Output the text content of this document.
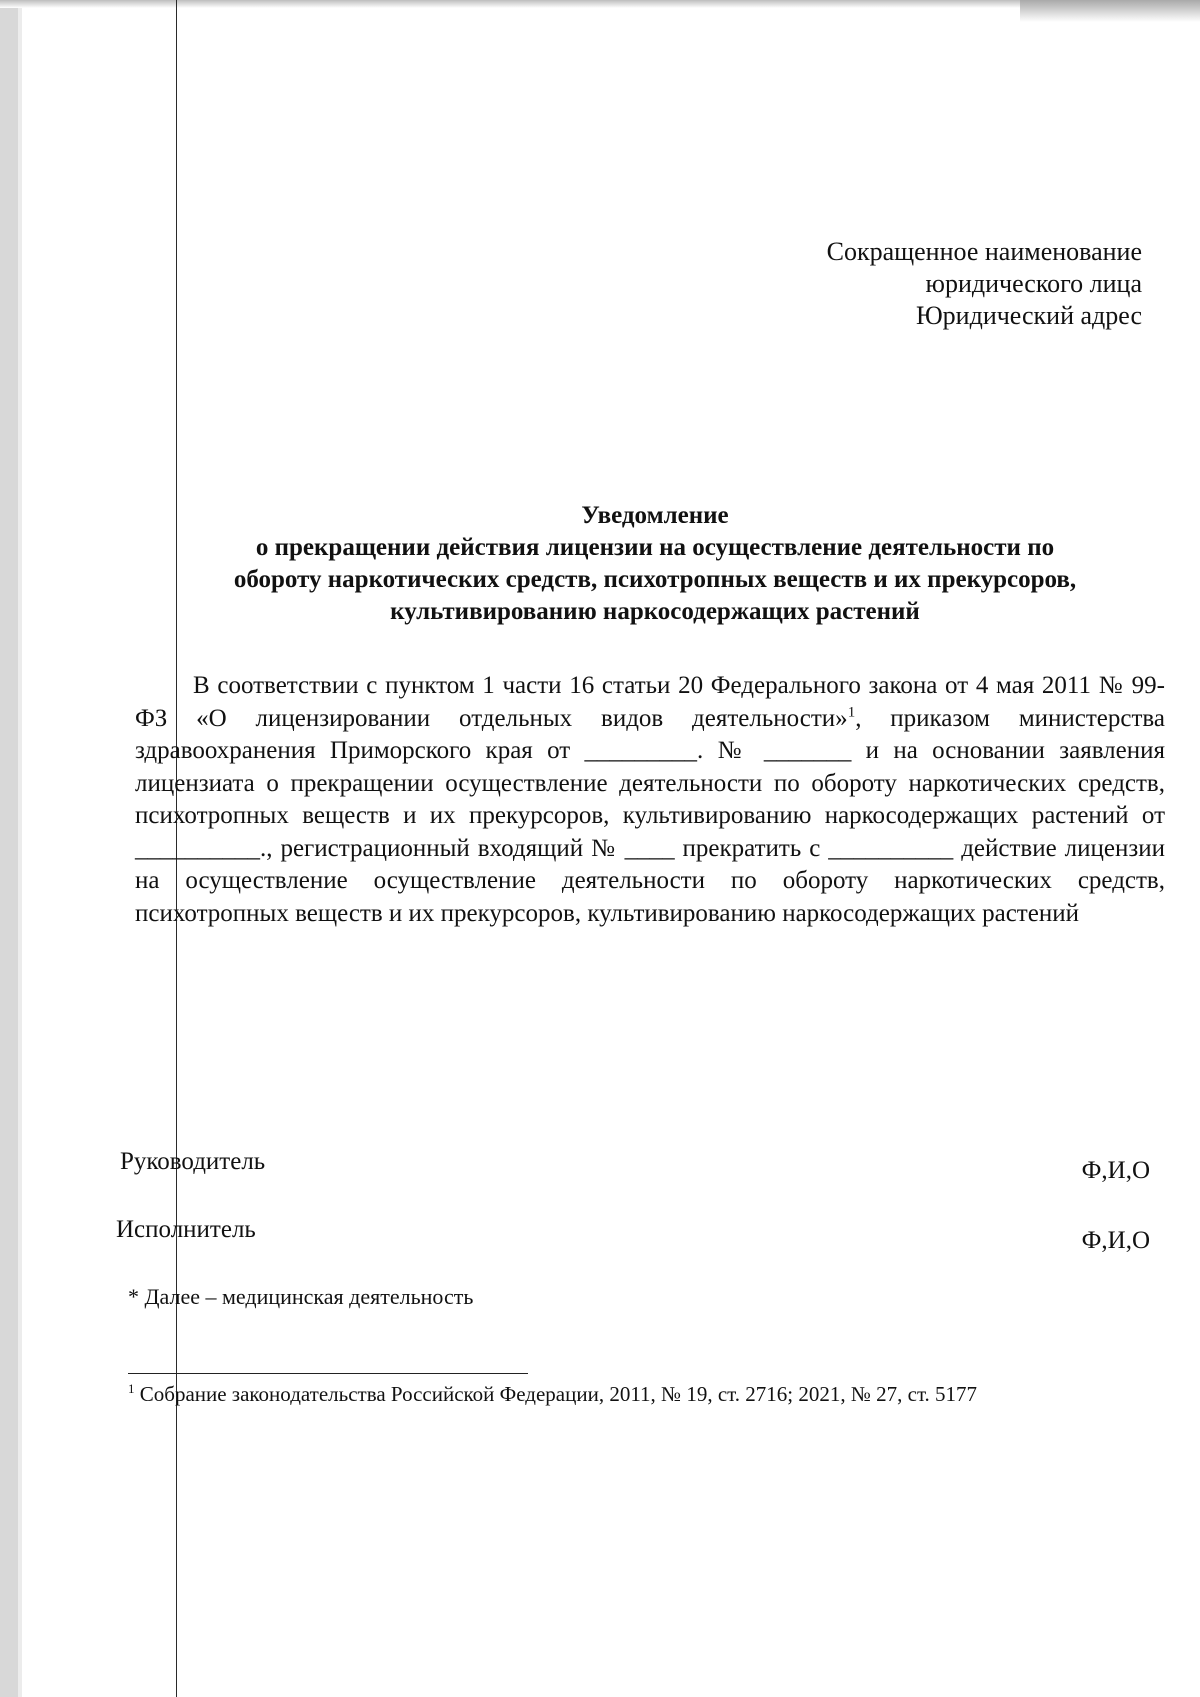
Сокращенное наименование
юридического лица
Юридический адрес
Уведомление
о прекращении действия лицензии на осуществление деятельности по
обороту наркотических средств, психотропных веществ и их прекурсоров,
культивированию наркосодержащих растений

В соответствии с пунктом 1 части 16 статьи 20 Федерального закона от 4 мая 2011 № 99-ФЗ «О лицензировании отдельных видов деятельности»$^1$, приказом министерства здравоохранения Приморского края от _________. № _______ и на основании заявления лицензиата о прекращении осуществление деятельности по обороту наркотических средств, психотропных веществ и их прекурсоров, культивированию наркосодержащих растений от __________., регистрационный входящий № ____ прекратить с __________ действие лицензии на осуществление осуществление деятельности по обороту наркотических средств, психотропных веществ и их прекурсоров, культивированию наркосодержащих растений

Руководитель	Ф,И,О
Исполнитель	Ф,И,О
* Далее – медицинская деятельность
$^1$ Собрание законодательства Российской Федерации, 2011, № 19, ст. 2716; 2021, № 27, ст. 5177
